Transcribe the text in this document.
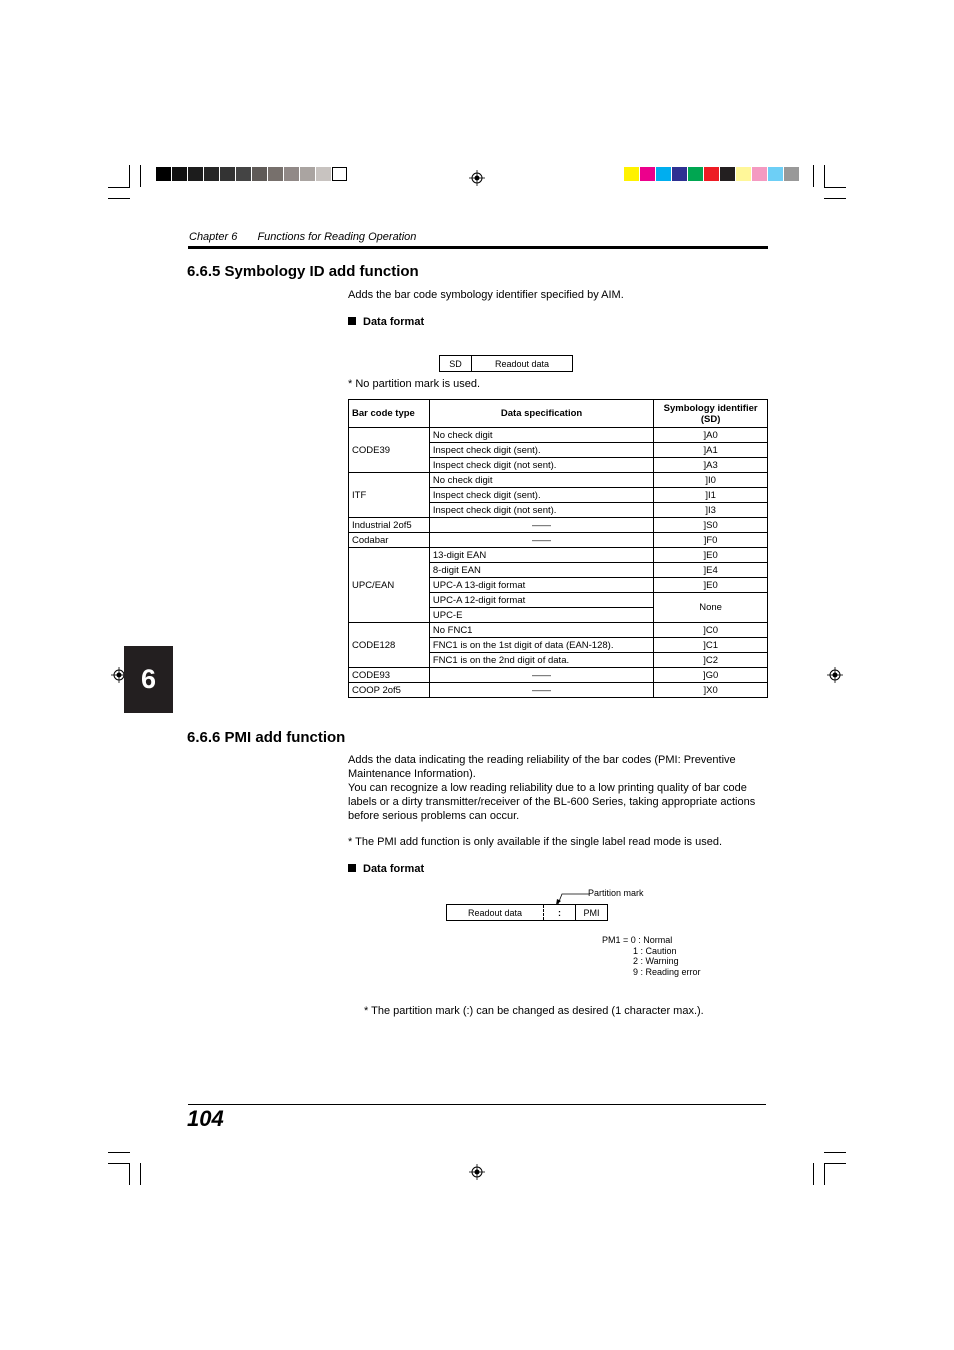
Chapter 6 Functions for Reading Operation
6
6.6.5 Symbology ID add function
Adds the bar code symbology identifier specified by AIM.
Data format
SD	Readout data
* No partition mark is used.
Bar code type	Data specification	Symbology identifier (SD)
CODE39	No check digit	]A0
	Inspect check digit (sent).	]A1
	Inspect check digit (not sent).	]A3
ITF	No check digit	]I0
	Inspect check digit (sent).	]I1
	Inspect check digit (not sent).	]I3
Industrial 2of5	——	]S0
Codabar	——	]F0
UPC/EAN	13-digit EAN	]E0
	8-digit EAN	]E4
	UPC-A 13-digit format	]E0
	UPC-A 12-digit format	None
	UPC-E	
CODE128	No FNC1	]C0
	FNC1 is on the 1st digit of data (EAN-128).	]C1
	FNC1 is on the 2nd digit of data.	]C2
CODE93	——	]G0
COOP 2of5	——	]X0
6.6.6 PMI add function
Adds the data indicating the reading reliability of the bar codes (PMI: Preventive Maintenance Information).
You can recognize a low reading reliability due to a low printing quality of bar code labels or a dirty transmitter/receiver of the BL-600 Series, taking appropriate actions before serious problems can occur.
* The PMI add function is only available if the single label read mode is used.
Data format
Partition mark
Readout data	:	PMI
PM1 = 0 : Normal
1 : Caution
2 : Warning
9 : Reading error
* The partition mark (:) can be changed as desired (1 character max.).
104
